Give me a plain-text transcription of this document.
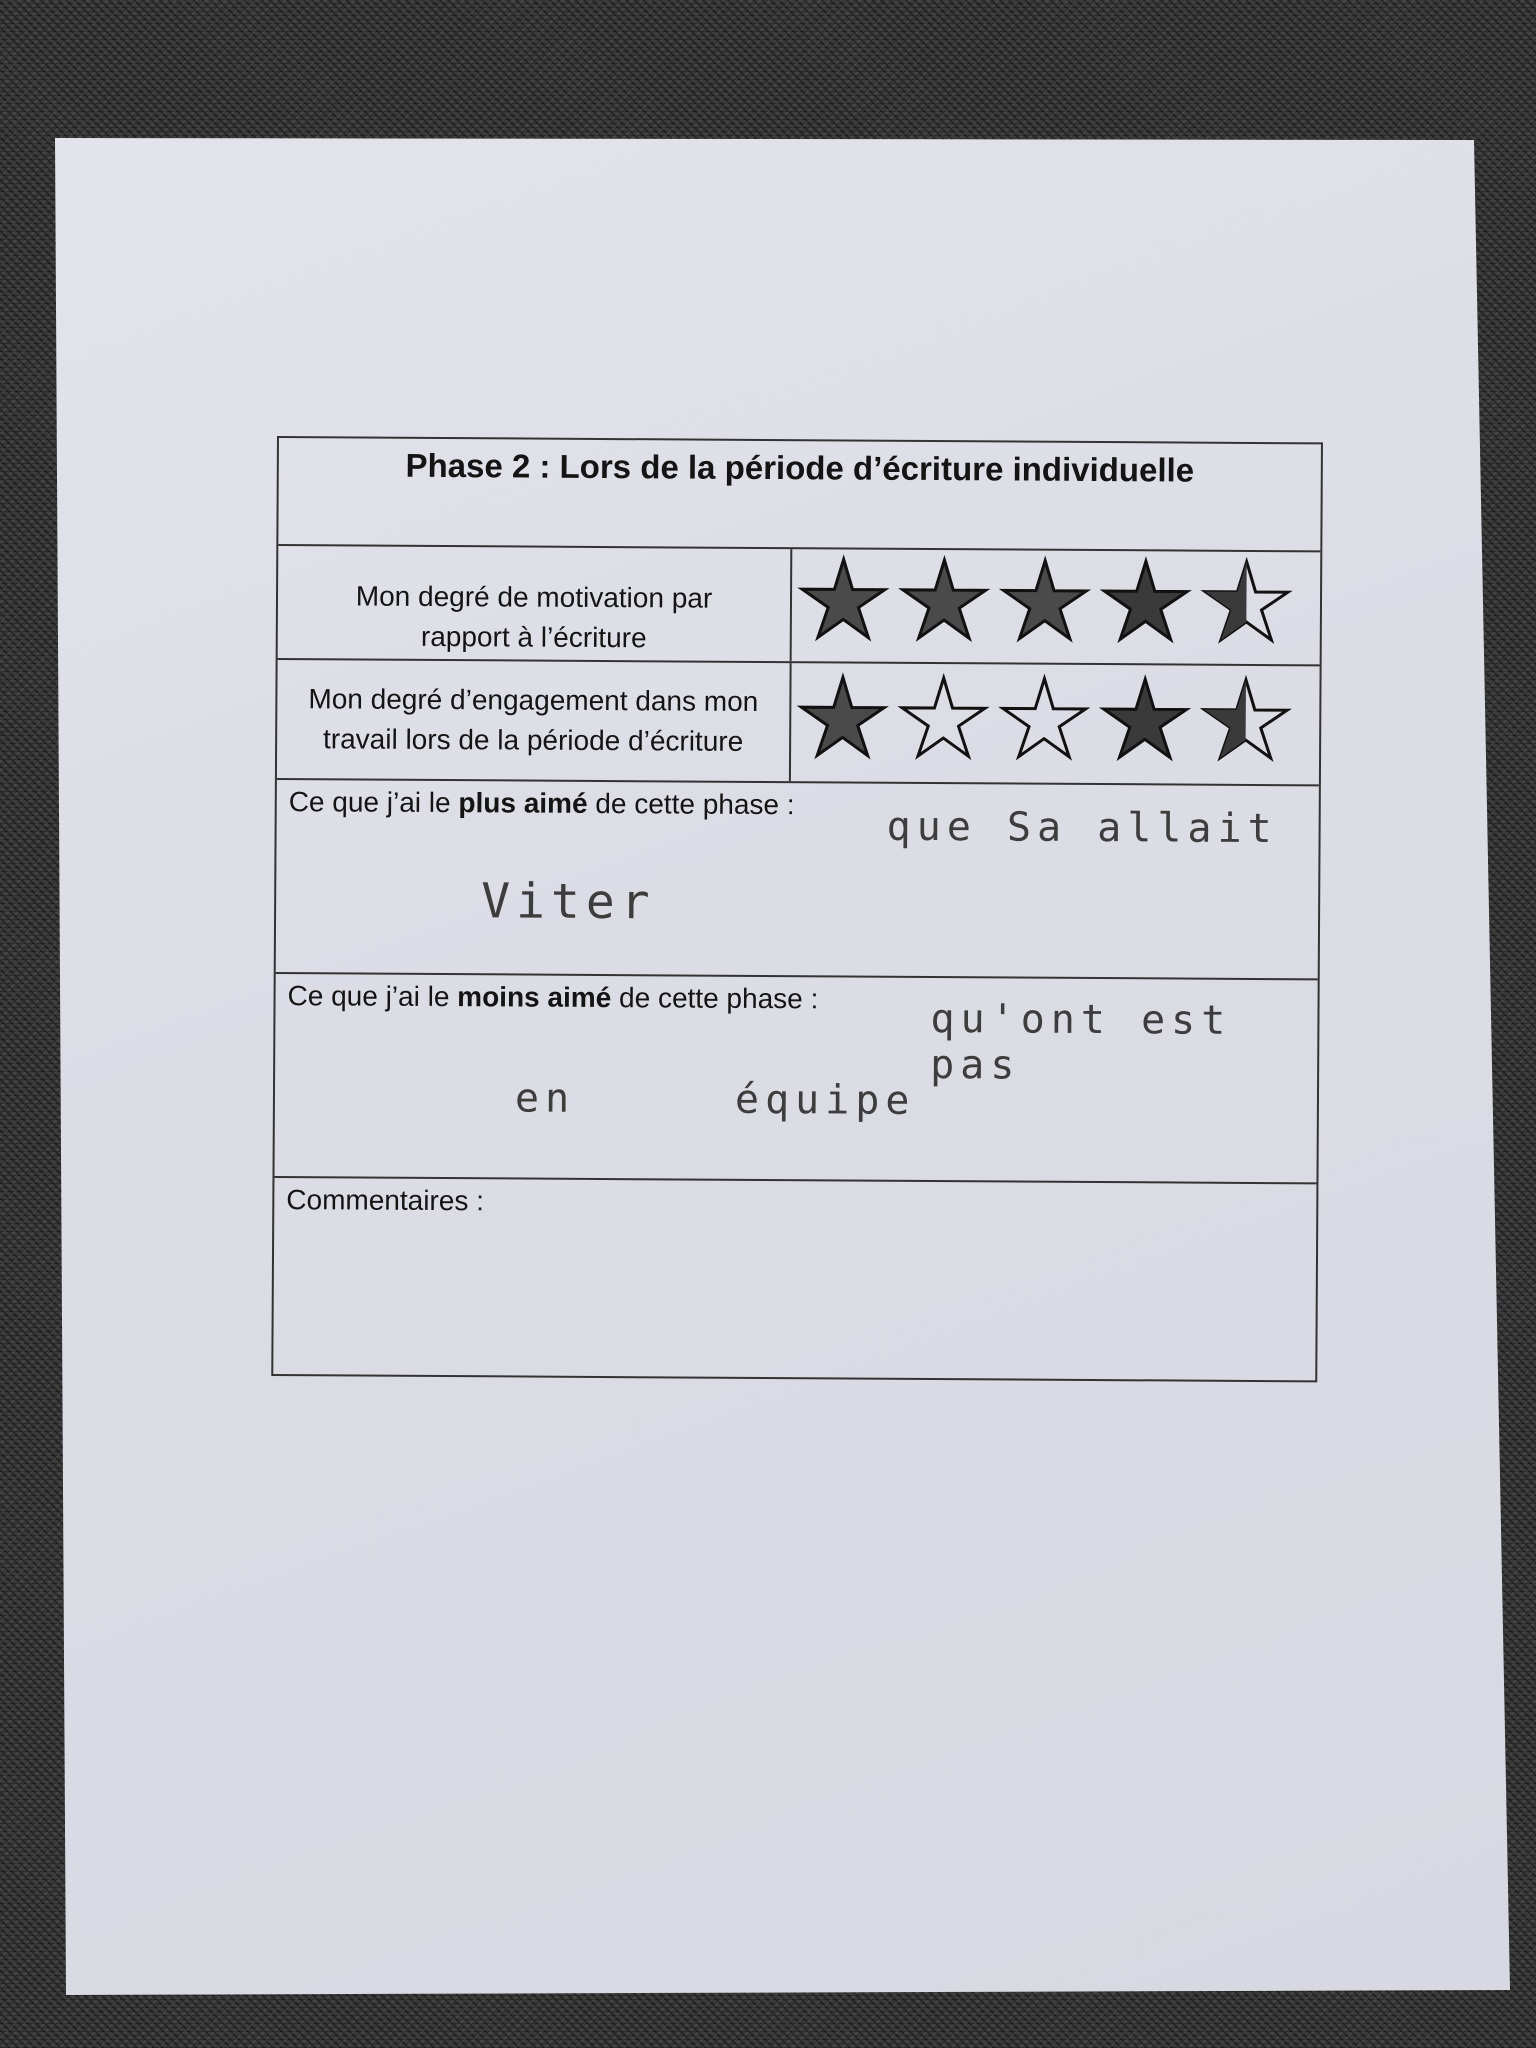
Phase 2 : Lors de la période d’écriture individuelle
Mon degré de motivation par rapport à l’écriture
Mon degré d’engagement dans mon travail lors de la période d’écriture
Ce que j’ai le plus aimé de cette phase : que Sa allait
Viter
Ce que j’ai le moins aimé de cette phase :	qu'ont est pas
en	équipe
Commentaires :
